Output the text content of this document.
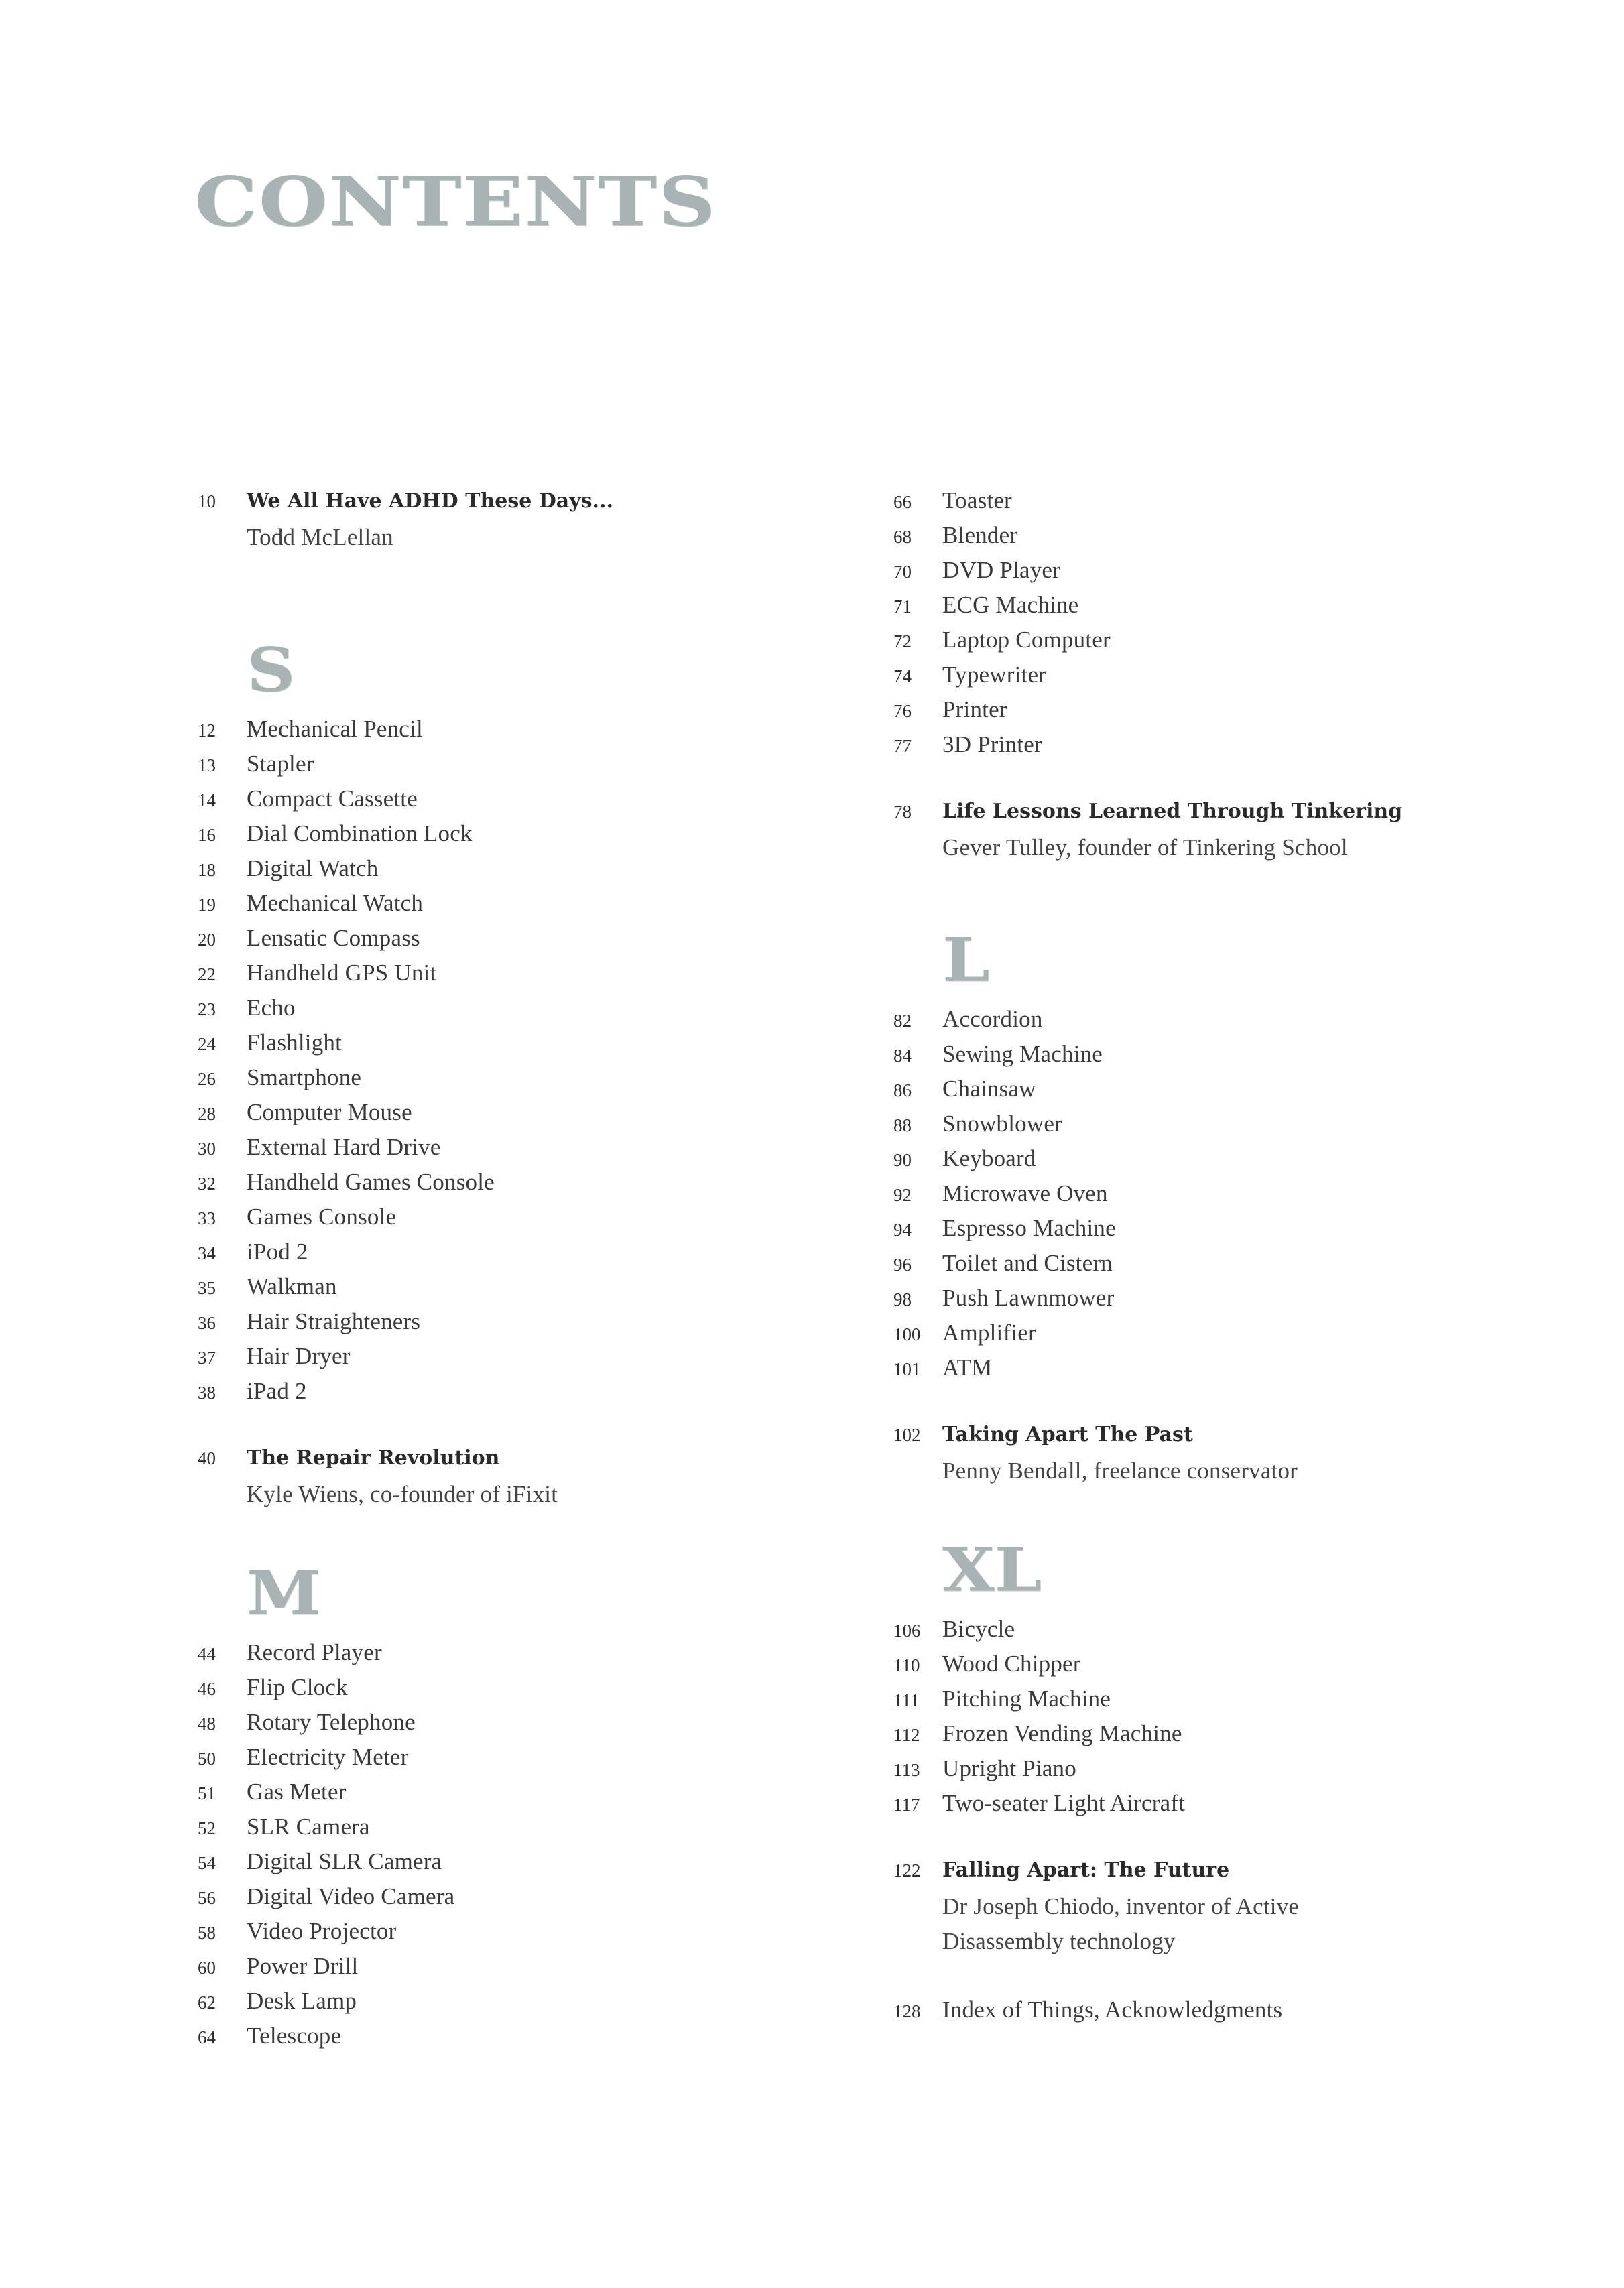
CONTENTS
10	We All Have ADHD These Days...
Todd McLellan
S
12	Mechanical Pencil
13	Stapler
14	Compact Cassette
16	Dial Combination Lock
18	Digital Watch
19	Mechanical Watch
20	Lensatic Compass
22	Handheld GPS Unit
23	Echo
24	Flashlight
26	Smartphone
28	Computer Mouse
30	External Hard Drive
32	Handheld Games Console
33	Games Console
34	iPod 2
35	Walkman
36	Hair Straighteners
37	Hair Dryer
38	iPad 2
40	The Repair Revolution
Kyle Wiens, co-founder of iFixit
M
44	Record Player
46	Flip Clock
48	Rotary Telephone
50	Electricity Meter
51	Gas Meter
52	SLR Camera
54	Digital SLR Camera
56	Digital Video Camera
58	Video Projector
60	Power Drill
62	Desk Lamp
64	Telescope
66	Toaster
68	Blender
70	DVD Player
71	ECG Machine
72	Laptop Computer
74	Typewriter
76	Printer
77	3D Printer
78	Life Lessons Learned Through Tinkering
Gever Tulley, founder of Tinkering School
L
82	Accordion
84	Sewing Machine
86	Chainsaw
88	Snowblower
90	Keyboard
92	Microwave Oven
94	Espresso Machine
96	Toilet and Cistern
98	Push Lawnmower
100 Amplifier
101 ATM
102	Taking Apart The Past
Penny Bendall, freelance conservator
XL
106 Bicycle
110 Wood Chipper
111 Pitching Machine
112 Frozen Vending Machine
113 Upright Piano
117 Two-seater Light Aircraft
122	Falling Apart: The Future
Dr Joseph Chiodo, inventor of Active
Disassembly technology
128 Index of Things, Acknowledgments
